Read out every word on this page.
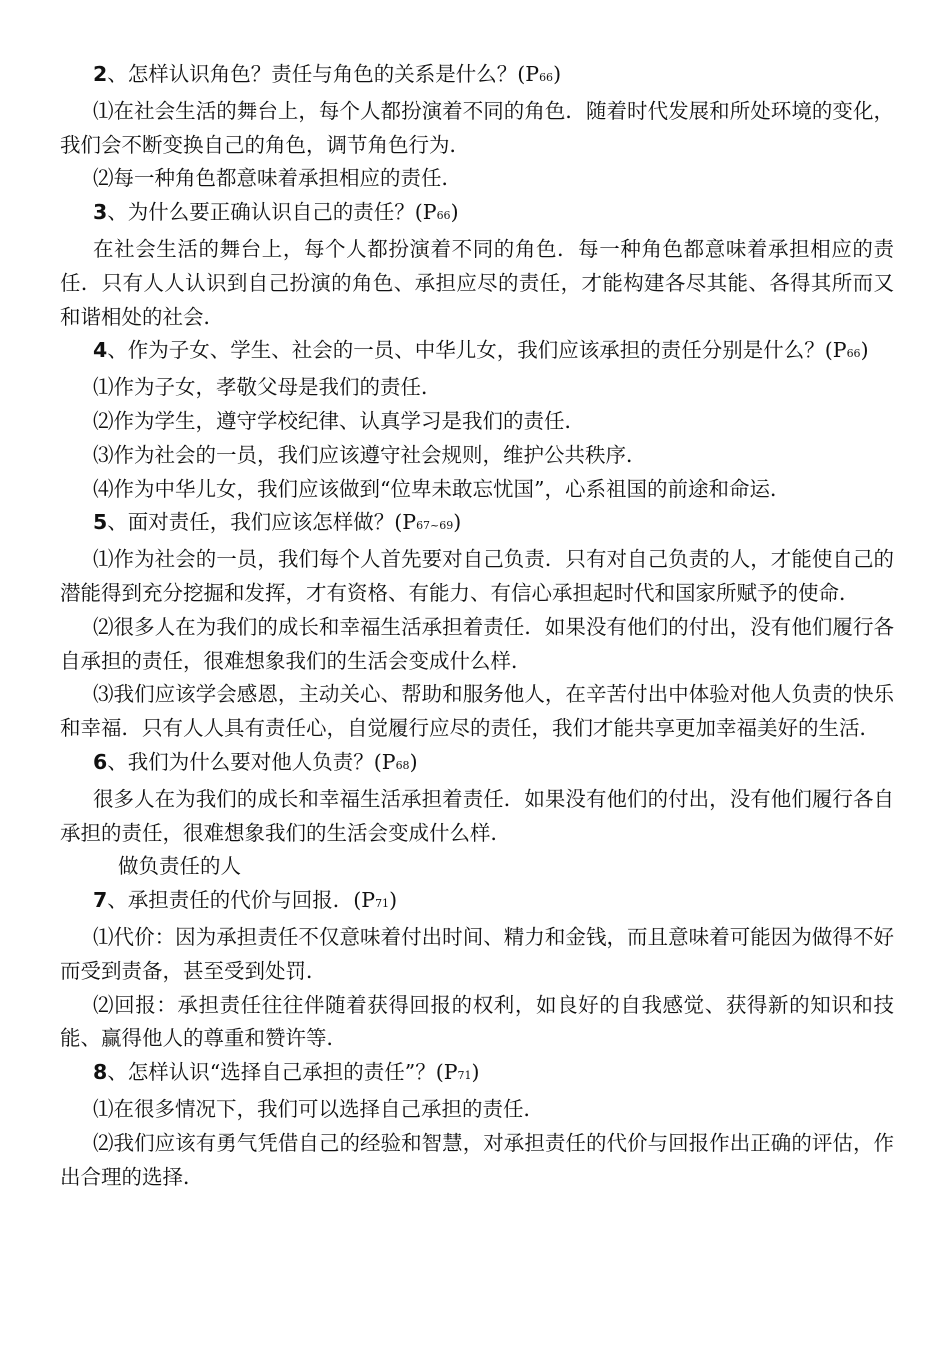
2、怎样认识角色？责任与角色的关系是什么？(P66)

⑴在社会生活的舞台上，每个人都扮演着不同的角色．随着时代发展和所处环境的变化，我们会不断变换自己的角色，调节角色行为．

⑵每一种角色都意味着承担相应的责任．

3、为什么要正确认识自己的责任？(P66)

在社会生活的舞台上，每个人都扮演着不同的角色．每一种角色都意味着承担相应的责任．只有人人认识到自己扮演的角色、承担应尽的责任，才能构建各尽其能、各得其所而又和谐相处的社会．

4、作为子女、学生、社会的一员、中华儿女，我们应该承担的责任分别是什么？(P66)

⑴作为子女，孝敬父母是我们的责任．

⑵作为学生，遵守学校纪律、认真学习是我们的责任．

⑶作为社会的一员，我们应该遵守社会规则，维护公共秩序．

⑷作为中华儿女，我们应该做到“位卑未敢忘忧国”，心系祖国的前途和命运．

5、面对责任，我们应该怎样做？(P67~69)

⑴作为社会的一员，我们每个人首先要对自己负责．只有对自己负责的人，才能使自己的潜能得到充分挖掘和发挥，才有资格、有能力、有信心承担起时代和国家所赋予的使命．

⑵很多人在为我们的成长和幸福生活承担着责任．如果没有他们的付出，没有他们履行各自承担的责任，很难想象我们的生活会变成什么样．

⑶我们应该学会感恩，主动关心、帮助和服务他人，在辛苦付出中体验对他人负责的快乐和幸福．只有人人具有责任心，自觉履行应尽的责任，我们才能共享更加幸福美好的生活．

6、我们为什么要对他人负责？(P68)

很多人在为我们的成长和幸福生活承担着责任．如果没有他们的付出，没有他们履行各自承担的责任，很难想象我们的生活会变成什么样．

做负责任的人

7、承担责任的代价与回报．(P71)

⑴代价：因为承担责任不仅意味着付出时间、精力和金钱，而且意味着可能因为做得不好而受到责备，甚至受到处罚．

⑵回报：承担责任往往伴随着获得回报的权利，如良好的自我感觉、获得新的知识和技能、赢得他人的尊重和赞许等．

8、怎样认识“选择自己承担的责任”？(P71)

⑴在很多情况下，我们可以选择自己承担的责任．

⑵我们应该有勇气凭借自己的经验和智慧，对承担责任的代价与回报作出正确的评估，作出合理的选择．
